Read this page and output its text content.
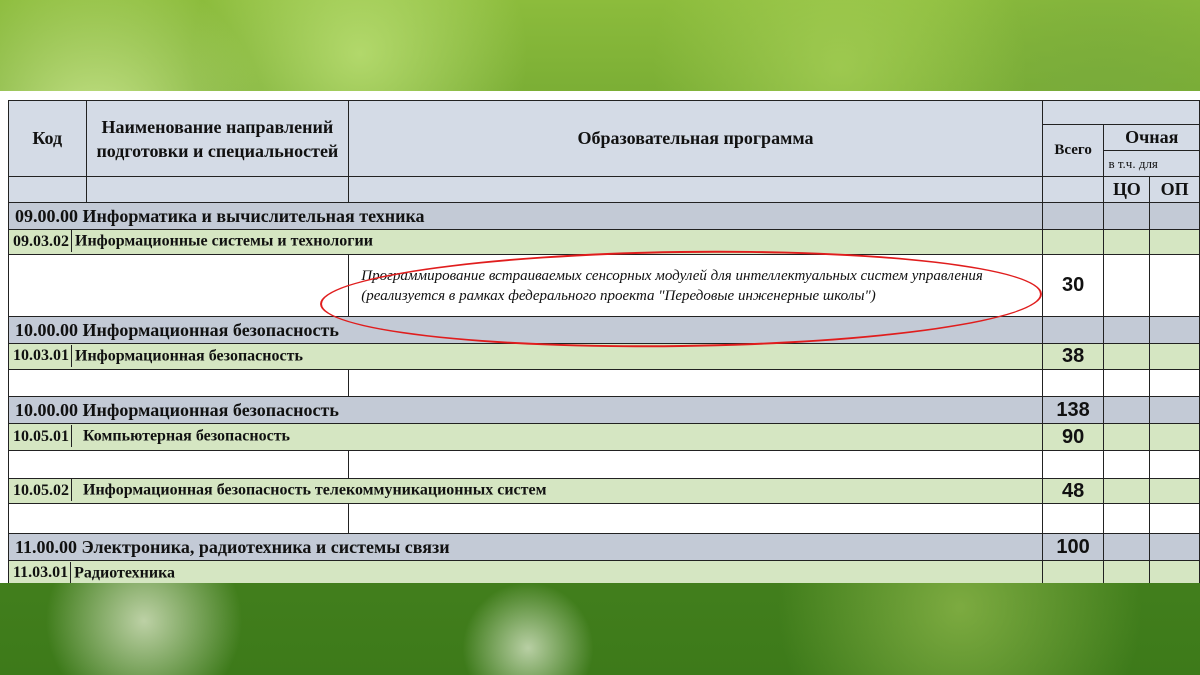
Код	Наименование направлений подготовки и специальностей	Образовательная программа			
			Всего	Очная	
				в т.ч. для	
				ЦО	ОП
09.00.00 Информатика и вычислительная техника					
09.03.02 Информационные системы и технологии					
		Программирование встраиваемых сенсорных модулей для интеллектуальных систем управления (реализуется в рамках федерального проекта "Передовые инженерные школы")	30		
10.00.00 Информационная безопасность					
10.03.01 Информационная безопасность			38		

10.00.00 Информационная безопасность			138		
10.05.01 Компьютерная безопасность			90		

10.05.02 Информационная безопасность телекоммуникационных систем			48		

11.00.00 Электроника, радиотехника и системы связи			100		
11.03.01 Радиотехника					
